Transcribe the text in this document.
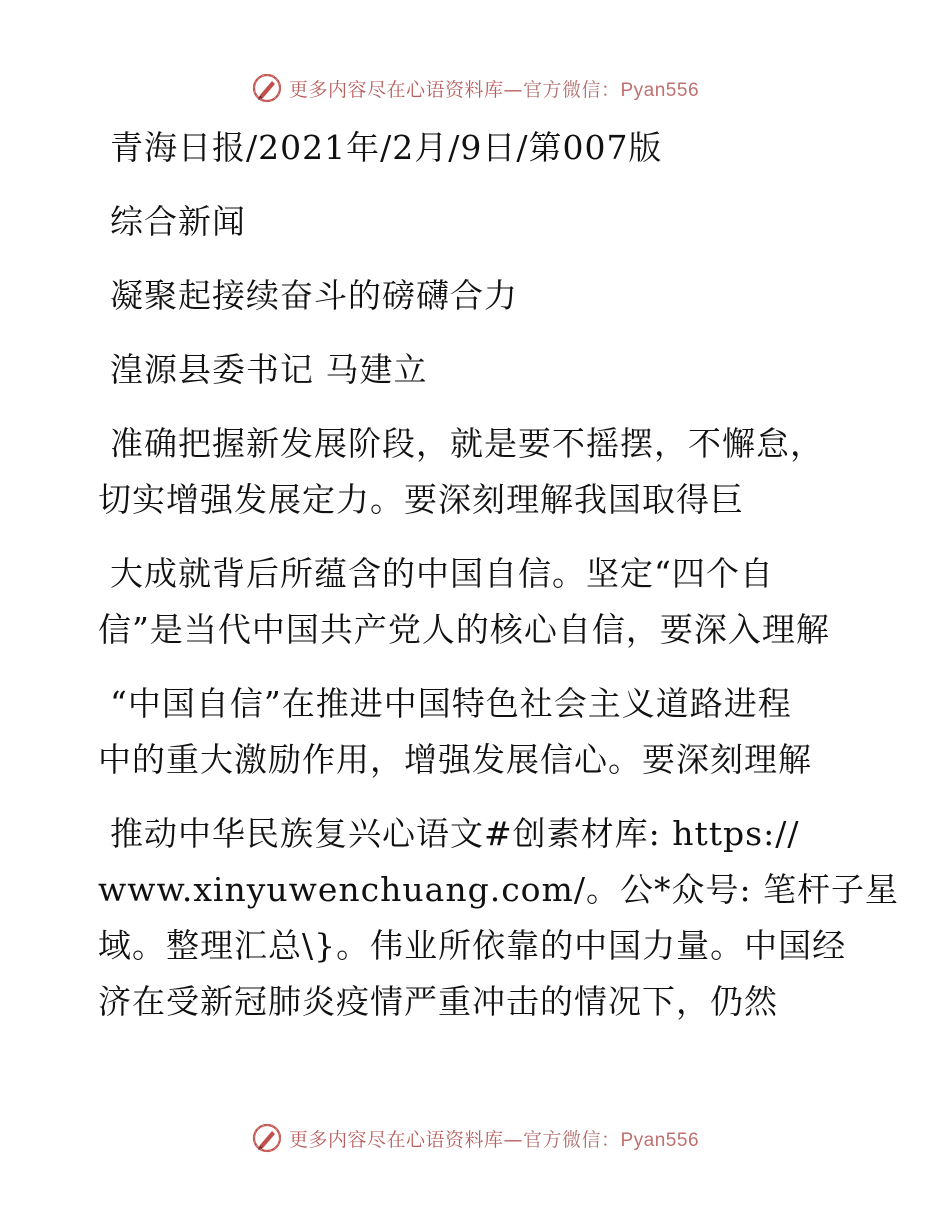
更多内容尽在心语资料库—官方微信：Pyan556
青海日报/2021年/2月/9日/第007版
综合新闻
凝聚起接续奋斗的磅礴合力
湟源县委书记 马建立
准确把握新发展阶段，就是要不摇摆，不懈怠，
切实增强发展定力。要深刻理解我国取得巨
大成就背后所蕴含的中国自信。坚定“四个自
信”是当代中国共产党人的核心自信，要深入理解
“中国自信”在推进中国特色社会主义道路进程
中的重大激励作用，增强发展信心。要深刻理解
推动中华民族复兴心语文#创素材库: https://
www.xinyuwenchuang.com/。公*众号: 笔杆子星
域。整理汇总\}。伟业所依靠的中国力量。中国经
济在受新冠肺炎疫情严重冲击的情况下，仍然
更多内容尽在心语资料库—官方微信：Pyan556
